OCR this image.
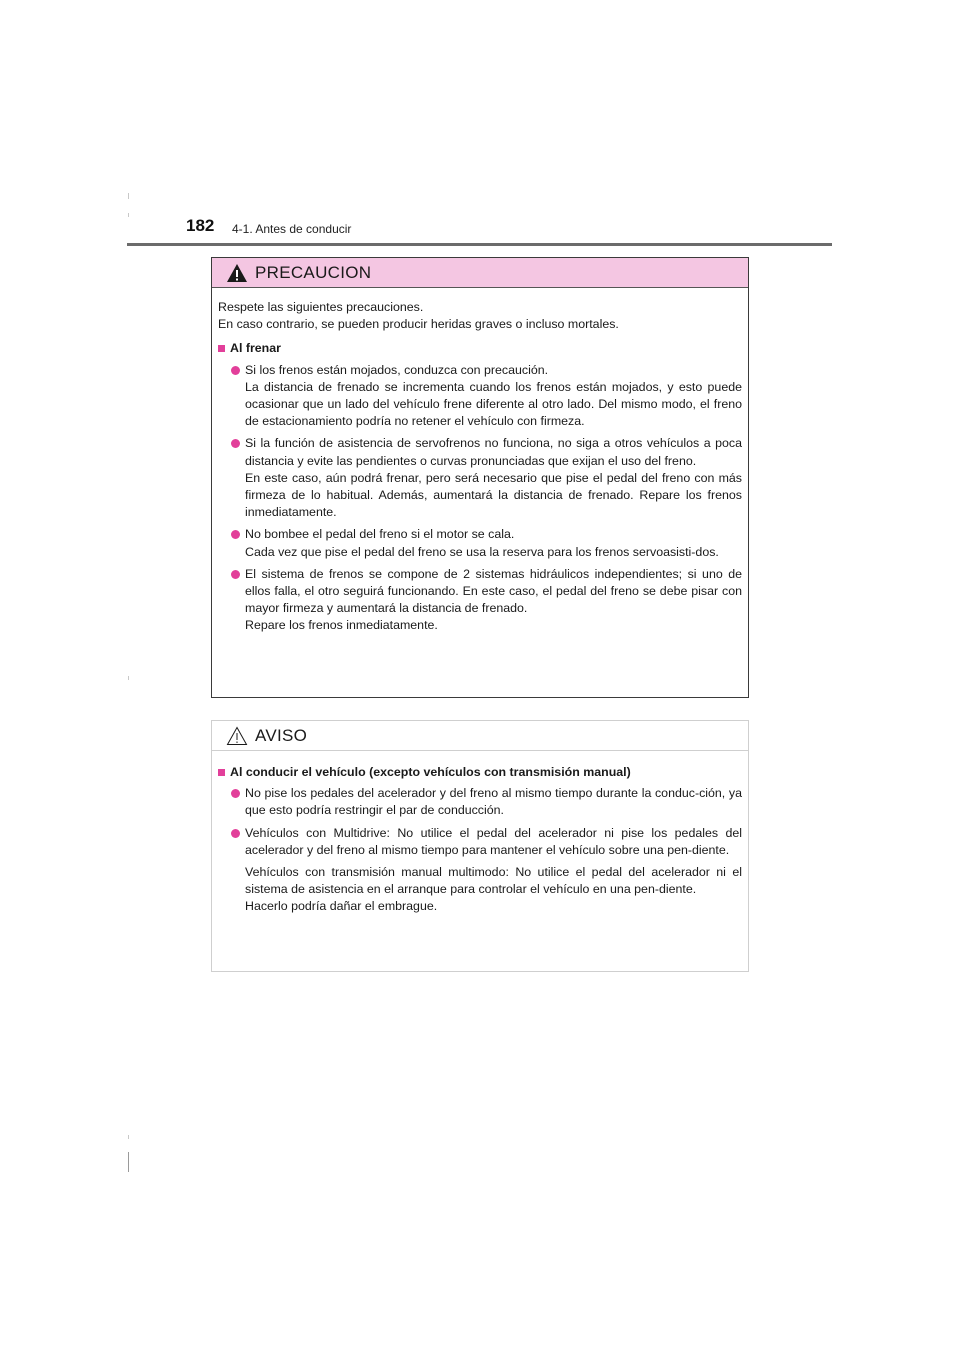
182 4-1. Antes de conducir
PRECAUCION

Respete las siguientes precauciones.

En caso contrario, se pueden producir heridas graves o incluso mortales.

Al frenar
Si los frenos están mojados, conduzca con precaución.
La distancia de frenado se incrementa cuando los frenos están mojados, y esto puede ocasionar que un lado del vehículo frene diferente al otro lado. Del mismo modo, el freno de estacionamiento podría no retener el vehículo con firmeza.
Si la función de asistencia de servofrenos no funciona, no siga a otros vehículos a poca distancia y evite las pendientes o curvas pronunciadas que exijan el uso del freno.
En este caso, aún podrá frenar, pero será necesario que pise el pedal del freno con más firmeza de lo habitual. Además, aumentará la distancia de frenado. Repare los frenos inmediatamente.
No bombee el pedal del freno si el motor se cala.
Cada vez que pise el pedal del freno se usa la reserva para los frenos servoasisti-dos.
El sistema de frenos se compone de 2 sistemas hidráulicos independientes; si uno de ellos falla, el otro seguirá funcionando. En este caso, el pedal del freno se debe pisar con mayor firmeza y aumentará la distancia de frenado.
Repare los frenos inmediatamente.
AVISO
Al conducir el vehículo (excepto vehículos con transmisión manual)
No pise los pedales del acelerador y del freno al mismo tiempo durante la conduc-ción, ya que esto podría restringir el par de conducción.
Vehículos con Multidrive: No utilice el pedal del acelerador ni pise los pedales del acelerador y del freno al mismo tiempo para mantener el vehículo sobre una pen-diente.

Vehículos con transmisión manual multimodo: No utilice el pedal del acelerador ni el sistema de asistencia en el arranque para controlar el vehículo en una pen-diente.
Hacerlo podría dañar el embrague.
